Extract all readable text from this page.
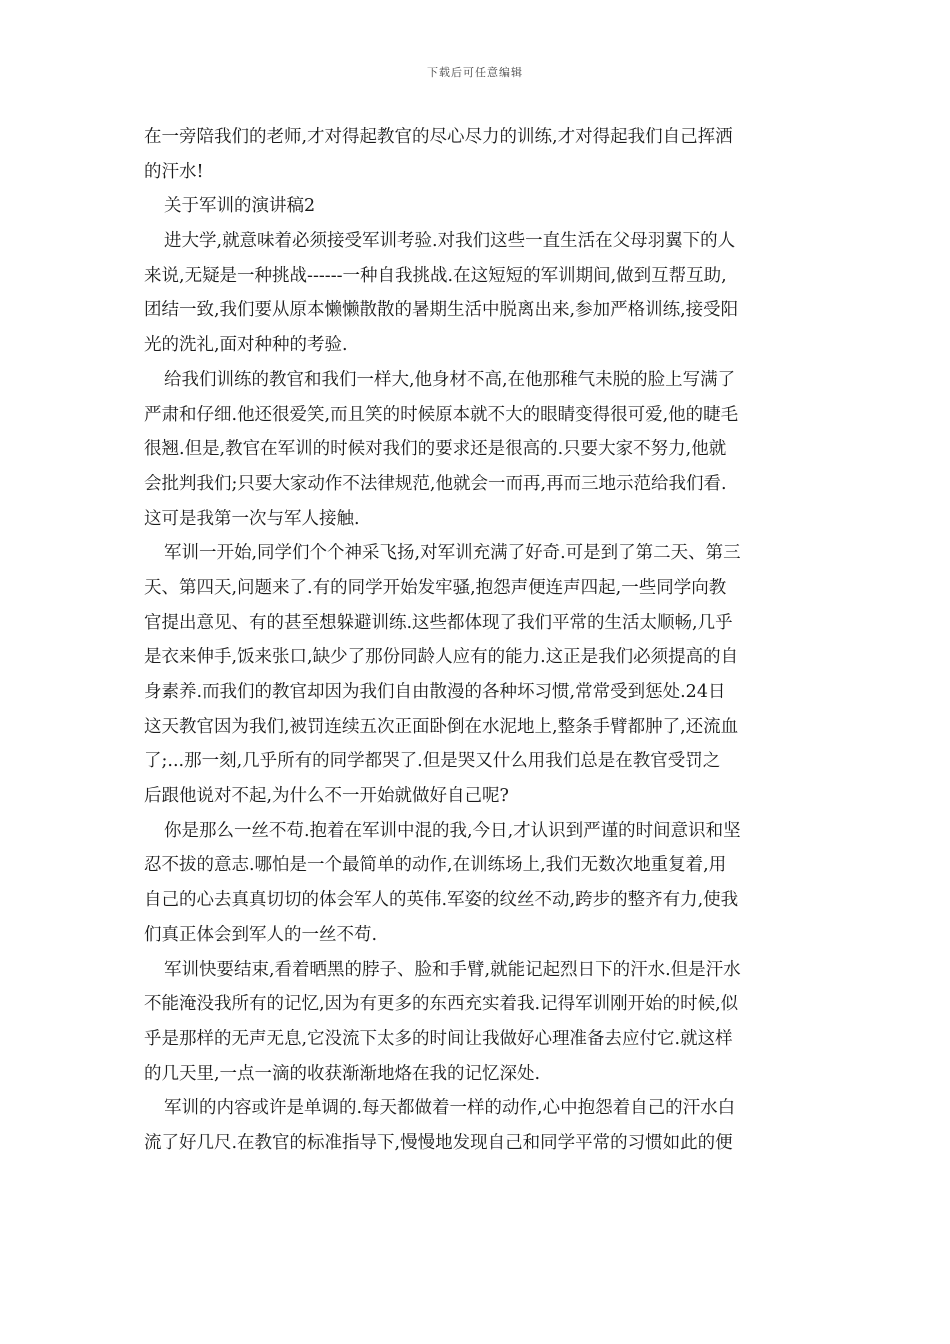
下载后可任意编辑
在一旁陪我们的老师,才对得起教官的尽心尽力的训练,才对得起我们自己挥洒
的汗水!
关于军训的演讲稿2
进大学,就意味着必须接受军训考验.对我们这些一直生活在父母羽翼下的人
来说,无疑是一种挑战------一种自我挑战.在这短短的军训期间,做到互帮互助,
团结一致,我们要从原本懒懒散散的暑期生活中脱离出来,参加严格训练,接受阳
光的洗礼,面对种种的考验.
给我们训练的教官和我们一样大,他身材不高,在他那稚气未脱的脸上写满了
严肃和仔细.他还很爱笑,而且笑的时候原本就不大的眼睛变得很可爱,他的睫毛
很翘.但是,教官在军训的时候对我们的要求还是很高的.只要大家不努力,他就
会批判我们;只要大家动作不法律规范,他就会一而再,再而三地示范给我们看.
这可是我第一次与军人接触.
军训一开始,同学们个个神采飞扬,对军训充满了好奇.可是到了第二天、第三
天、第四天,问题来了.有的同学开始发牢骚,抱怨声便连声四起,一些同学向教
官提出意见、有的甚至想躲避训练.这些都体现了我们平常的生活太顺畅,几乎
是衣来伸手,饭来张口,缺少了那份同龄人应有的能力.这正是我们必须提高的自
身素养.而我们的教官却因为我们自由散漫的各种坏习惯,常常受到惩处.24日
这天教官因为我们,被罚连续五次正面卧倒在水泥地上,整条手臂都肿了,还流血
了;...那一刻,几乎所有的同学都哭了.但是哭又什么用我们总是在教官受罚之
后跟他说对不起,为什么不一开始就做好自己呢?
你是那么一丝不苟.抱着在军训中混的我,今日,才认识到严谨的时间意识和坚
忍不拔的意志.哪怕是一个最简单的动作,在训练场上,我们无数次地重复着,用
自己的心去真真切切的体会军人的英伟.军姿的纹丝不动,跨步的整齐有力,使我
们真正体会到军人的一丝不苟.
军训快要结束,看着晒黑的脖子、脸和手臂,就能记起烈日下的汗水.但是汗水
不能淹没我所有的记忆,因为有更多的东西充实着我.记得军训刚开始的时候,似
乎是那样的无声无息,它没流下太多的时间让我做好心理准备去应付它.就这样
的几天里,一点一滴的收获渐渐地烙在我的记忆深处.
军训的内容或许是单调的.每天都做着一样的动作,心中抱怨着自己的汗水白
流了好几尺.在教官的标准指导下,慢慢地发现自己和同学平常的习惯如此的便
